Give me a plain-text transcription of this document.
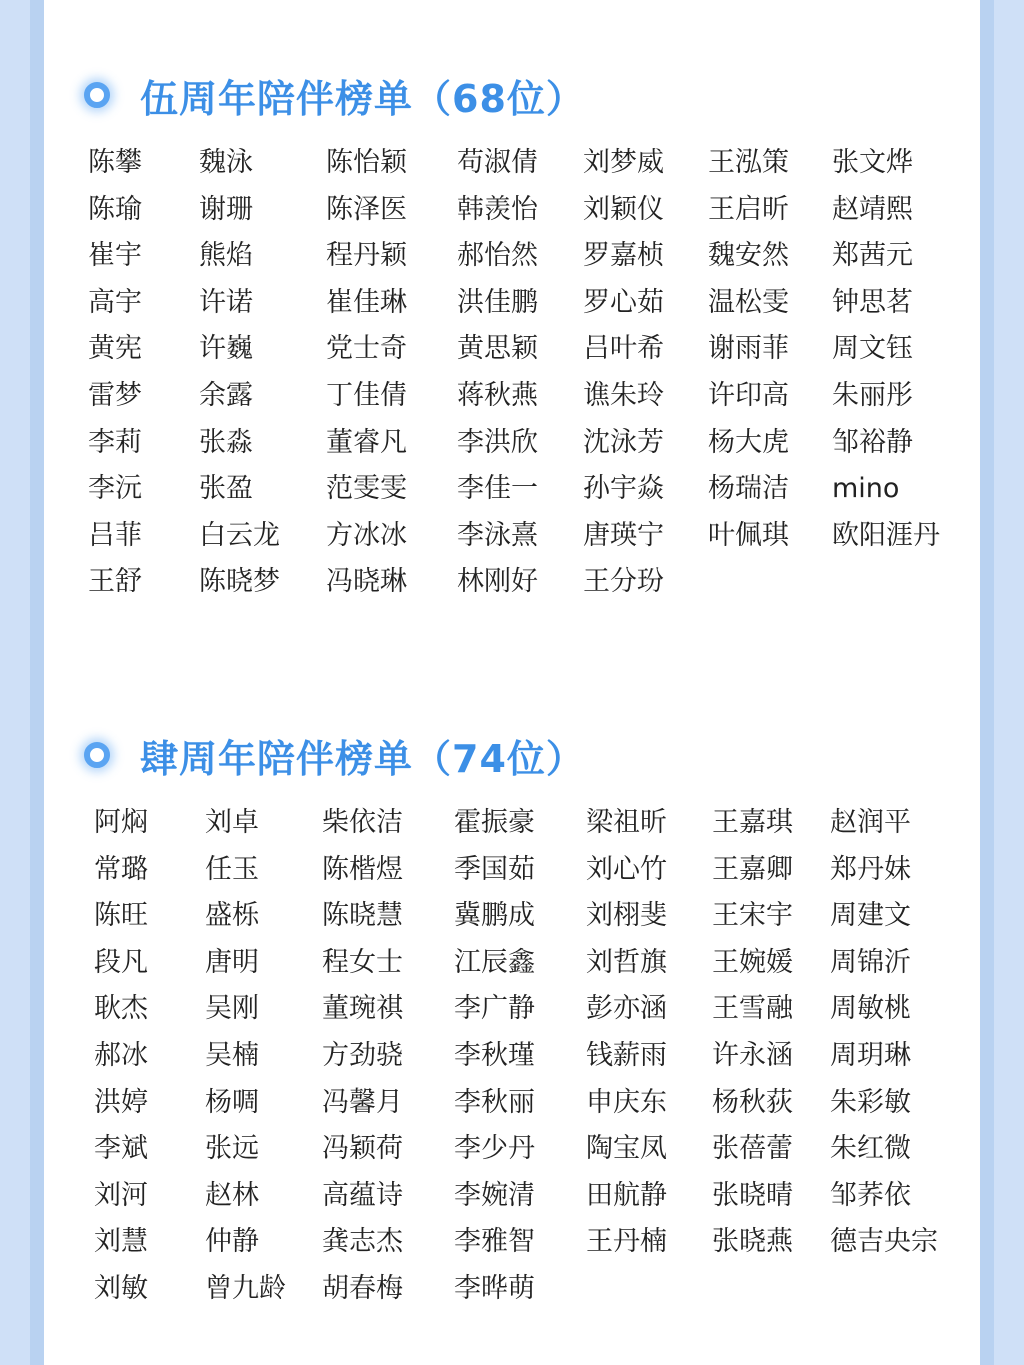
伍周年陪伴榜单（68位）
陈攀	魏泳	陈怡颖	苟淑倩	刘梦威	王泓策	张文烨
陈瑜	谢珊	陈泽医	韩羡怡	刘颖仪	王启昕	赵靖熙
崔宇	熊焰	程丹颖	郝怡然	罗嘉桢	魏安然	郑茜元
高宇	许诺	崔佳琳	洪佳鹏	罗心茹	温松雯	钟思茗
黄宪	许巍	党士奇	黄思颖	吕叶希	谢雨菲	周文钰
雷梦	余露	丁佳倩	蒋秋燕	谯朱玲	许印高	朱丽彤
李莉	张淼	董睿凡	李洪欣	沈泳芳	杨大虎	邹裕静
李沅	张盈	范雯雯	李佳一	孙宇焱	杨瑞洁	mino
吕菲	白云龙	方冰冰	李泳熹	唐瑛宁	叶佩琪	欧阳涯丹
王舒	陈晓梦	冯晓琳	林刚好	王分玢
肆周年陪伴榜单（74位）
阿焖	刘卓	柴依洁	霍振豪	梁祖昕	王嘉琪	赵润平
常璐	任玉	陈楷煜	季国茹	刘心竹	王嘉卿	郑丹妹
陈旺	盛栎	陈晓慧	冀鹏成	刘栩斐	王宋宇	周建文
段凡	唐明	程女士	江辰鑫	刘哲旗	王婉媛	周锦沂
耿杰	吴刚	董琬祺	李广静	彭亦涵	王雪融	周敏桃
郝冰	吴楠	方劲骁	李秋瑾	钱薪雨	许永涵	周玥琳
洪婷	杨啁	冯馨月	李秋丽	申庆东	杨秋荻	朱彩敏
李斌	张远	冯颖荷	李少丹	陶宝凤	张蓓蕾	朱红微
刘河	赵林	高蕴诗	李婉清	田航静	张晓晴	邹荞依
刘慧	仲静	龚志杰	李雅智	王丹楠	张晓燕	德吉央宗
刘敏	曾九龄	胡春梅	李晔萌
